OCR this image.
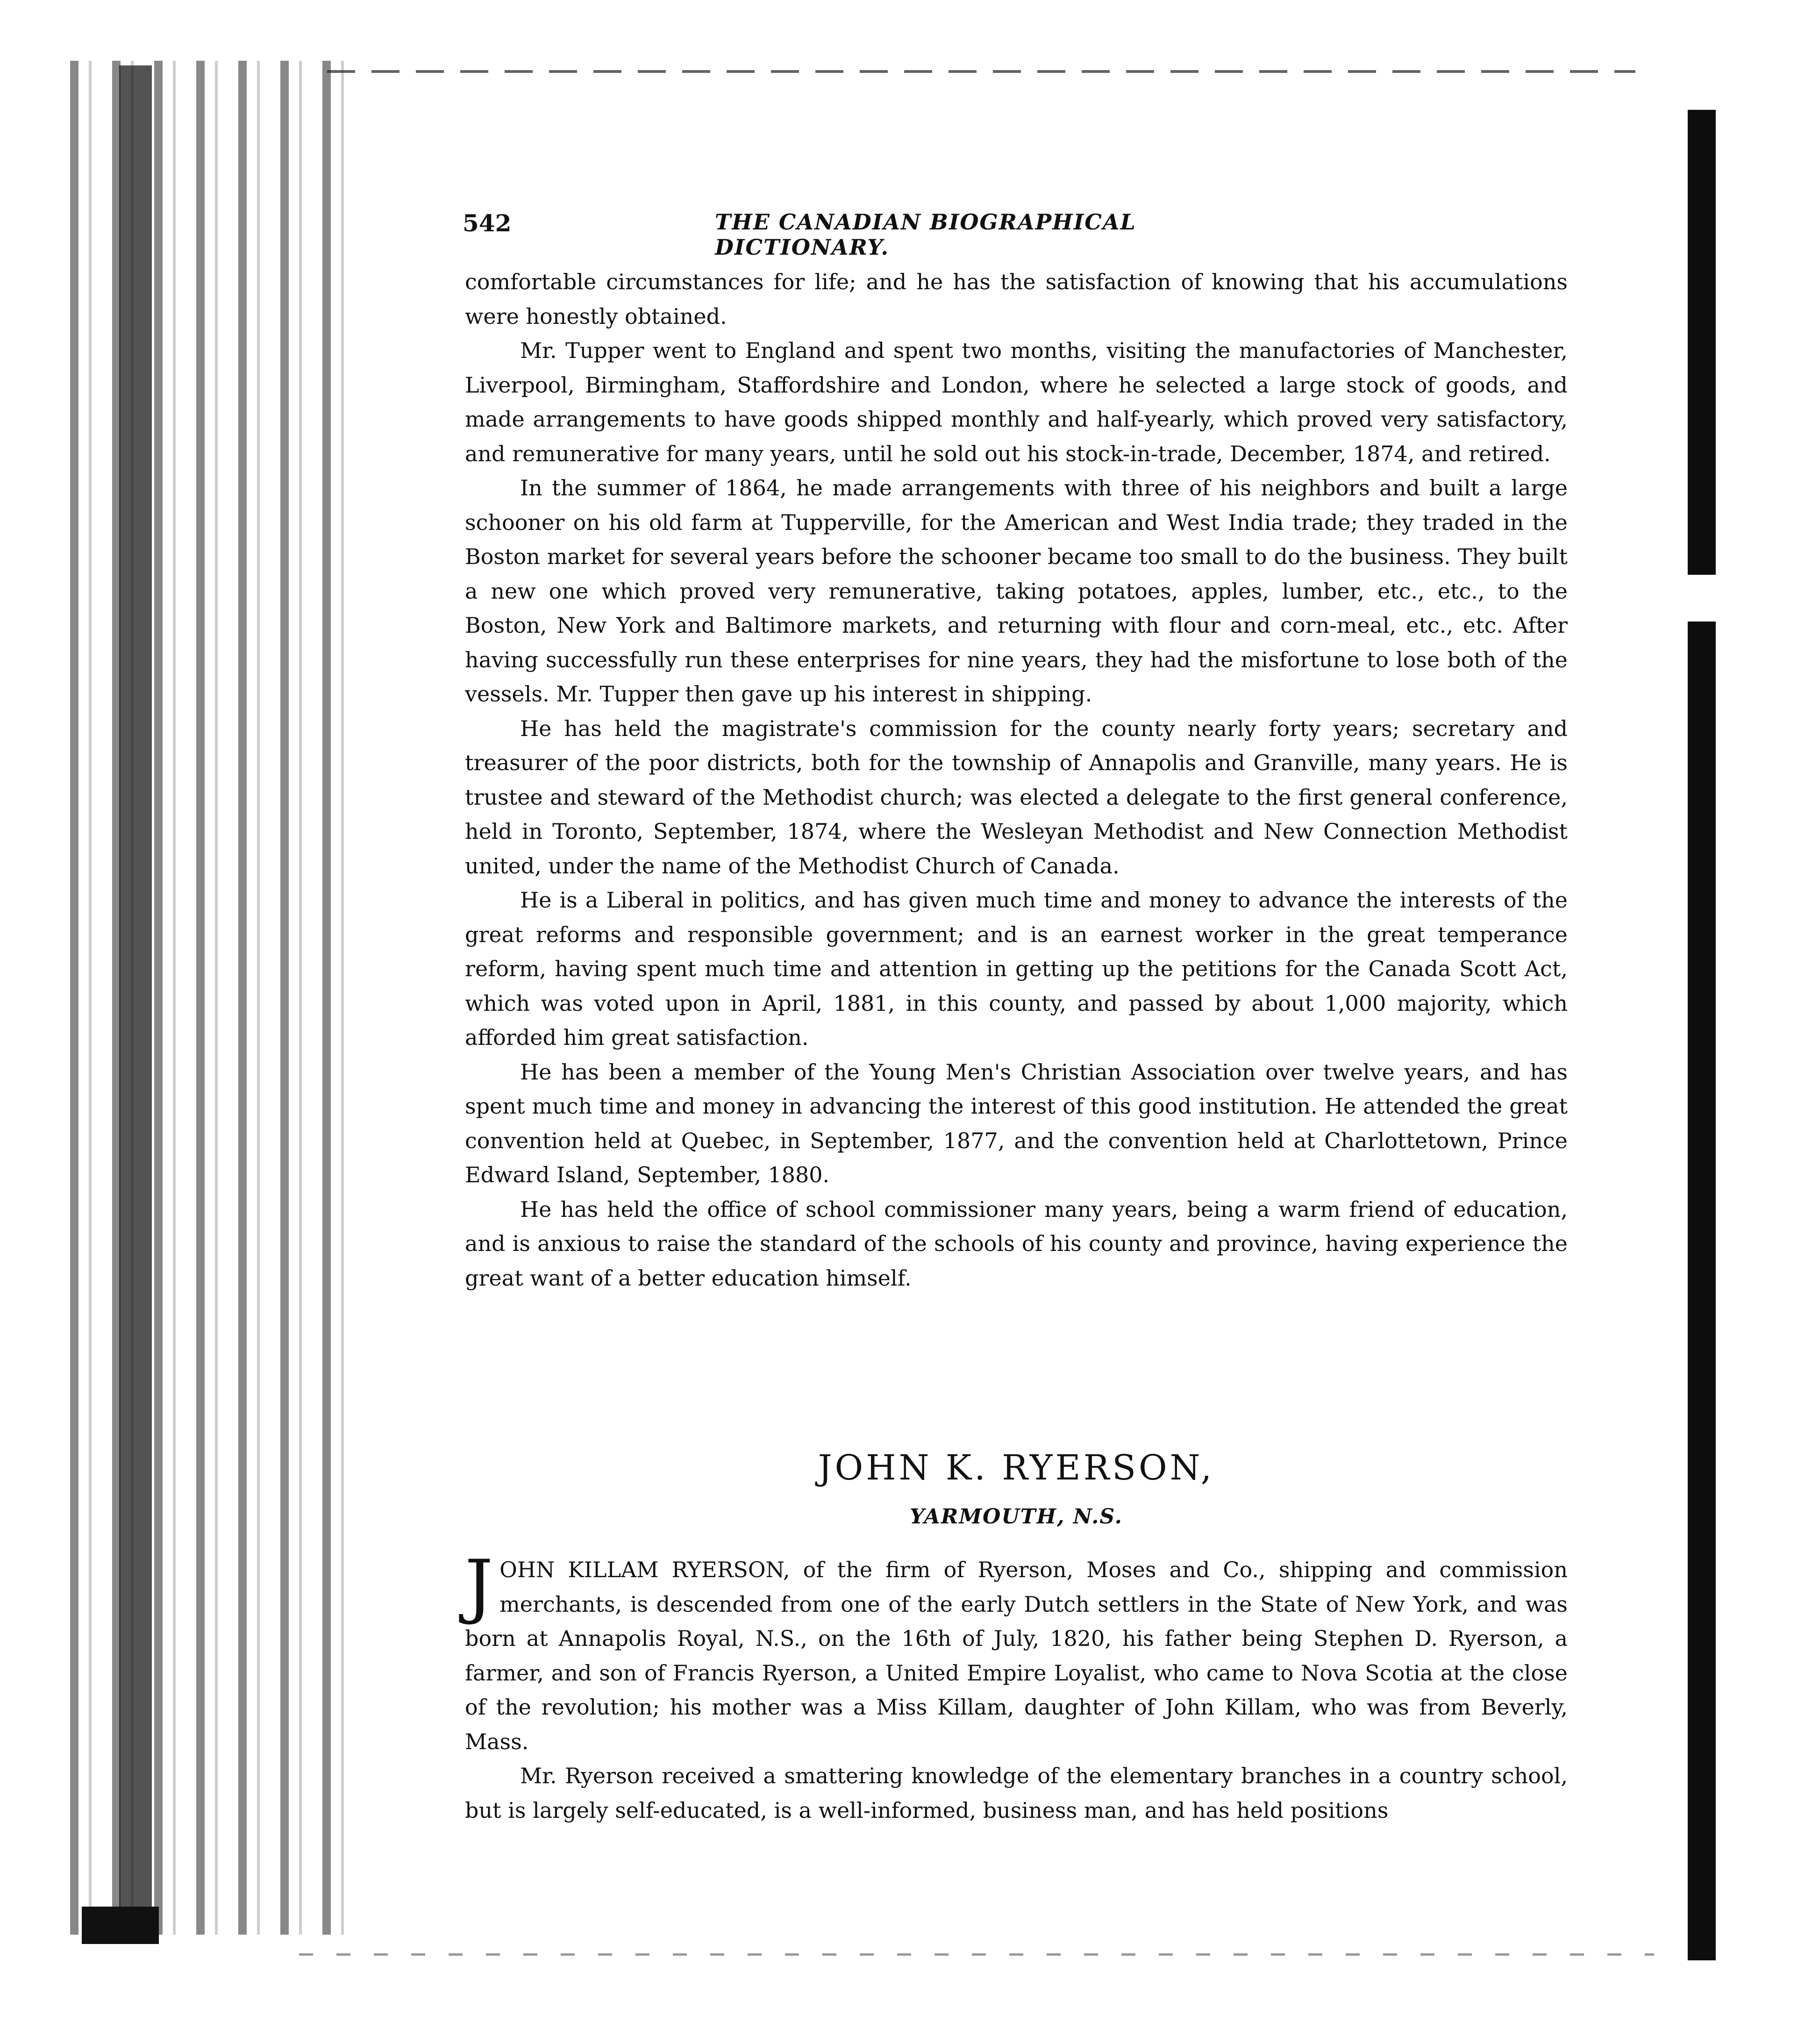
542	THE CANADIAN BIOGRAPHICAL DICTIONARY.

comfortable circumstances for life; and he has the satisfaction of knowing that his accumulations were honestly obtained.

Mr. Tupper went to England and spent two months, visiting the manufactories of Manchester, Liverpool, Birmingham, Staffordshire and London, where he selected a large stock of goods, and made arrangements to have goods shipped monthly and half-yearly, which proved very satisfactory, and remunerative for many years, until he sold out his stock-in-trade, December, 1874, and retired.

In the summer of 1864, he made arrangements with three of his neighbors and built a large schooner on his old farm at Tupperville, for the American and West India trade; they traded in the Boston market for several years before the schooner became too small to do the business. They built a new one which proved very remunerative, taking potatoes, apples, lumber, etc., etc., to the Boston, New York and Baltimore markets, and returning with flour and corn-meal, etc., etc. After having successfully run these enterprises for nine years, they had the misfortune to lose both of the vessels. Mr. Tupper then gave up his interest in shipping.

He has held the magistrate's commission for the county nearly forty years; secretary and treasurer of the poor districts, both for the township of Annapolis and Granville, many years. He is trustee and steward of the Methodist church; was elected a delegate to the first general conference, held in Toronto, September, 1874, where the Wesleyan Methodist and New Connection Methodist united, under the name of the Methodist Church of Canada.

He is a Liberal in politics, and has given much time and money to advance the interests of the great reforms and responsible government; and is an earnest worker in the great temperance reform, having spent much time and attention in getting up the petitions for the Canada Scott Act, which was voted upon in April, 1881, in this county, and passed by about 1,000 majority, which afforded him great satisfaction.

He has been a member of the Young Men's Christian Association over twelve years, and has spent much time and money in advancing the interest of this good institution. He attended the great convention held at Quebec, in September, 1877, and the convention held at Charlottetown, Prince Edward Island, September, 1880.

He has held the office of school commissioner many years, being a warm friend of education, and is anxious to raise the standard of the schools of his county and province, having experience the great want of a better education himself.

JOHN K. RYERSON,
YARMOUTH, N.S.

JOHN KILLAM RYERSON, of the firm of Ryerson, Moses and Co., shipping and commission merchants, is descended from one of the early Dutch settlers in the State of New York, and was born at Annapolis Royal, N.S., on the 16th of July, 1820, his father being Stephen D. Ryerson, a farmer, and son of Francis Ryerson, a United Empire Loyalist, who came to Nova Scotia at the close of the revolution; his mother was a Miss Killam, daughter of John Killam, who was from Beverly, Mass.

Mr. Ryerson received a smattering knowledge of the elementary branches in a country school, but is largely self-educated, is a well-informed, business man, and has held positions
